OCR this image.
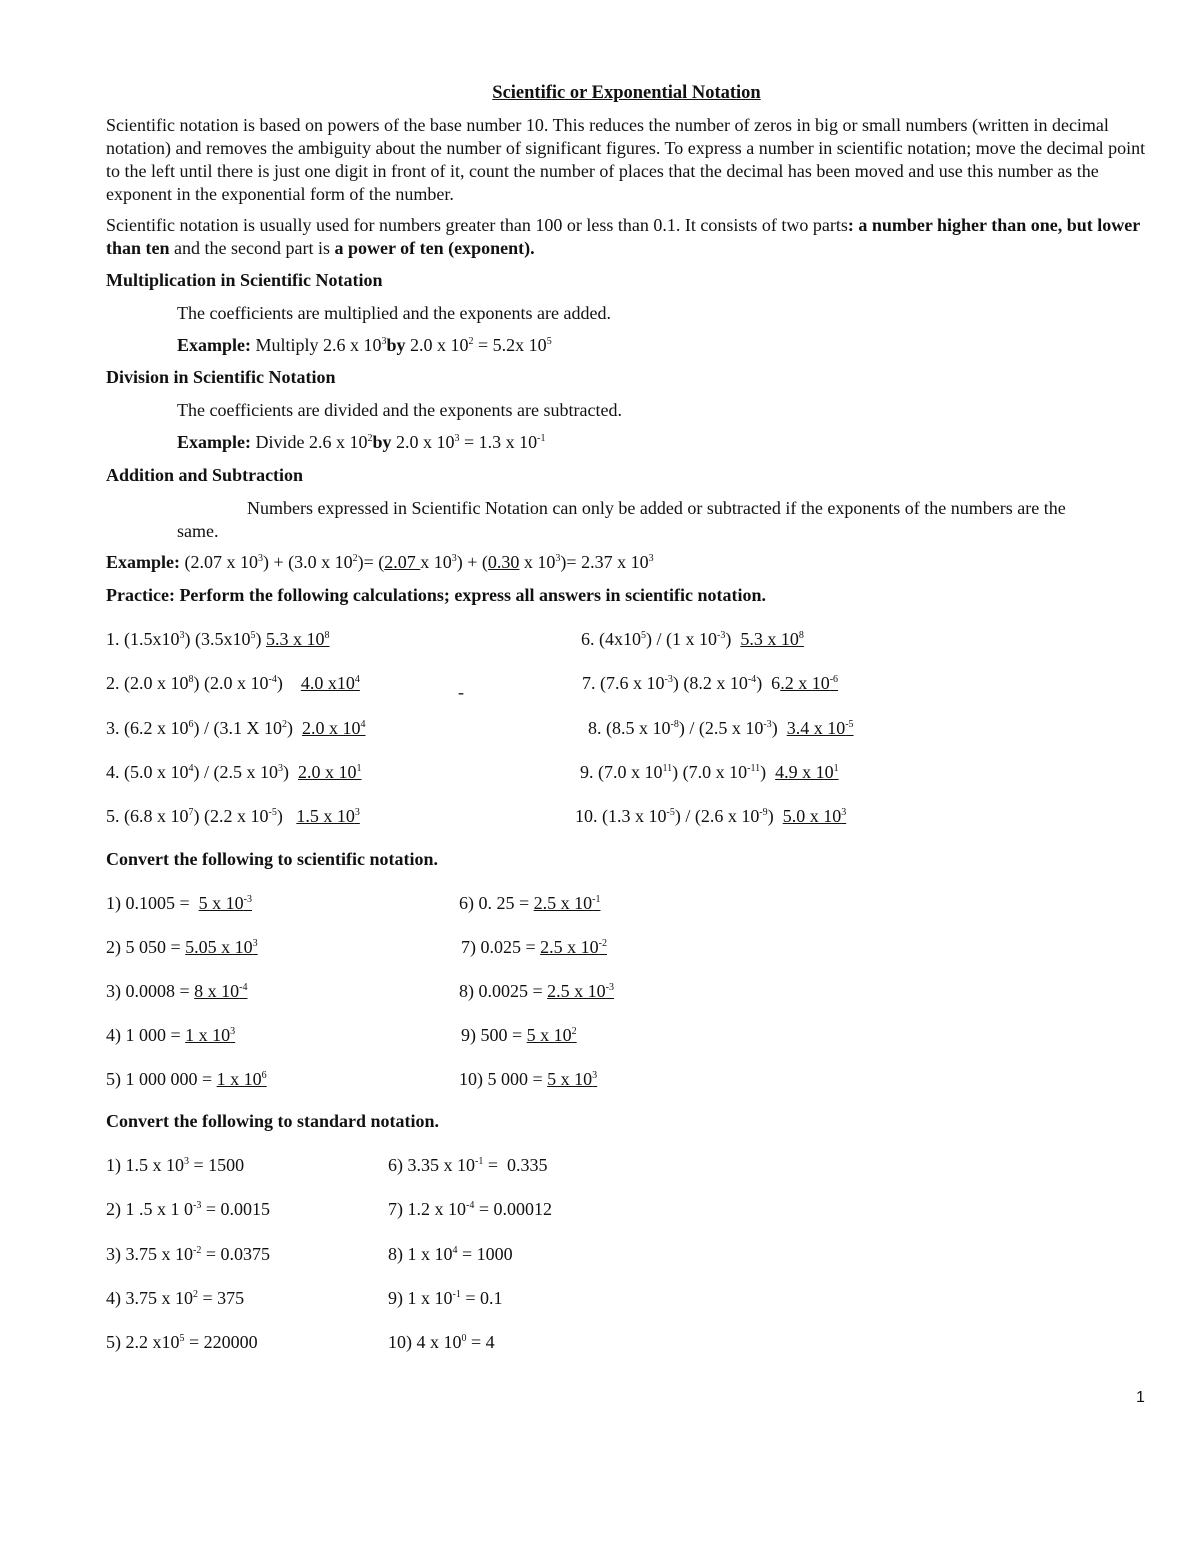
Scientific or Exponential Notation
Scientific notation is based on powers of the base number 10. This reduces the number of zeros in big or small numbers (written in decimal notation) and removes the ambiguity about the number of significant figures. To express a number in scientific notation; move the decimal point to the left until there is just one digit in front of it, count the number of places that the decimal has been moved and use this number as the exponent in the exponential form of the number.
Scientific notation is usually used for numbers greater than 100 or less than 0.1. It consists of two parts: a number higher than one, but lower than ten and the second part is a power of ten (exponent).
Multiplication in Scientific Notation
The coefficients are multiplied and the exponents are added.
Example: Multiply 2.6 x $10^3by$ 2.0 x $10^2 = 5.2x$ $10^5$
Division in Scientific Notation
The coefficients are divided and the exponents are subtracted.
Example: Divide 2.6 x $10^2by$ 2.0 x $10^3 = 1.3$ x $10^{-1}$
Addition and Subtraction
Numbers expressed in Scientific Notation can only be added or subtracted if the exponents of the numbers are the
same.
Example: (2.07 x $10^3) + (3.0$ x $10^2)= (2.07$ x $10^3) + (0.30$ x $10^3)= 2.37$ x $10^3$
Practice: Perform the following calculations; express all answers in scientific notation.
1. $(1.5x10^3)$ $(3.5x10^5)$ 5.3 x $10^8$
2. (2.0 x $10^8$) (2.0 x $10^{-4}$)    4.0 $x10^4$
3. (6.2 x $10^6) / (3.1$ X $10^2$)  2.0 x $10^4$
4. (5.0 x $10^4) / (2.5$ x $10^3$)  2.0 x $10^1$
5. (6.8 x $10^7$) (2.2 x $10^{-5}$)   1.5 x $10^3$
6. $(4x10^5) / (1$ x $10^{-3}$)  5.3 x $10^8$
7. (7.6 x $10^{-3}$) (8.2 x $10^{-4}$)  6.2 x $10^{-6}$
8. (8.5 x $10^{-8}) / (2.5$ x $10^{-3}$)  3.4 x $10^{-5}$
9. (7.0 x $10^{11}$) (7.0 x $10^{-11}$)  4.9 x $10^1$
10. (1.3 x $10^{-5}) / (2.6$ x $10^{-9}$)  5.0 x $10^3$
-
Convert the following to scientific notation.
1) 0.1005 =  5 x $10^{-3}$
2) 5 050 = 5.05 x $10^3$
3) 0.0008 = 8 x $10^{-4}$
4) 1 000 = 1 x $10^3$
5) 1 000 000 = 1 x $10^6$
6) 0. 25 = 2.5 x $10^{-1}$
7) 0.025 = 2.5 x $10^{-2}$
8) 0.0025 = 2.5 x $10^{-3}$
9) 500 = 5 x $10^2$
10) 5 000 = 5 x $10^3$
Convert the following to standard notation.
1) 1.5 x $10^3 = 1500$
2) 1 .5 x 1 $0^{-3} = 0.0015$
3) 3.75 x $10^{-2} = 0.0375$
4) 3.75 x $10^2 = 375$
5) 2.2 $x10^5 = 220000$
6) 3.35 x $10^{-1} = 0.335$
7) 1.2 x $10^{-4} = 0.00012$
8) 1 x $10^4 = 1000$
9) 1 x $10^{-1} = 0.1$
10) 4 x $10^0 = 4$
1
